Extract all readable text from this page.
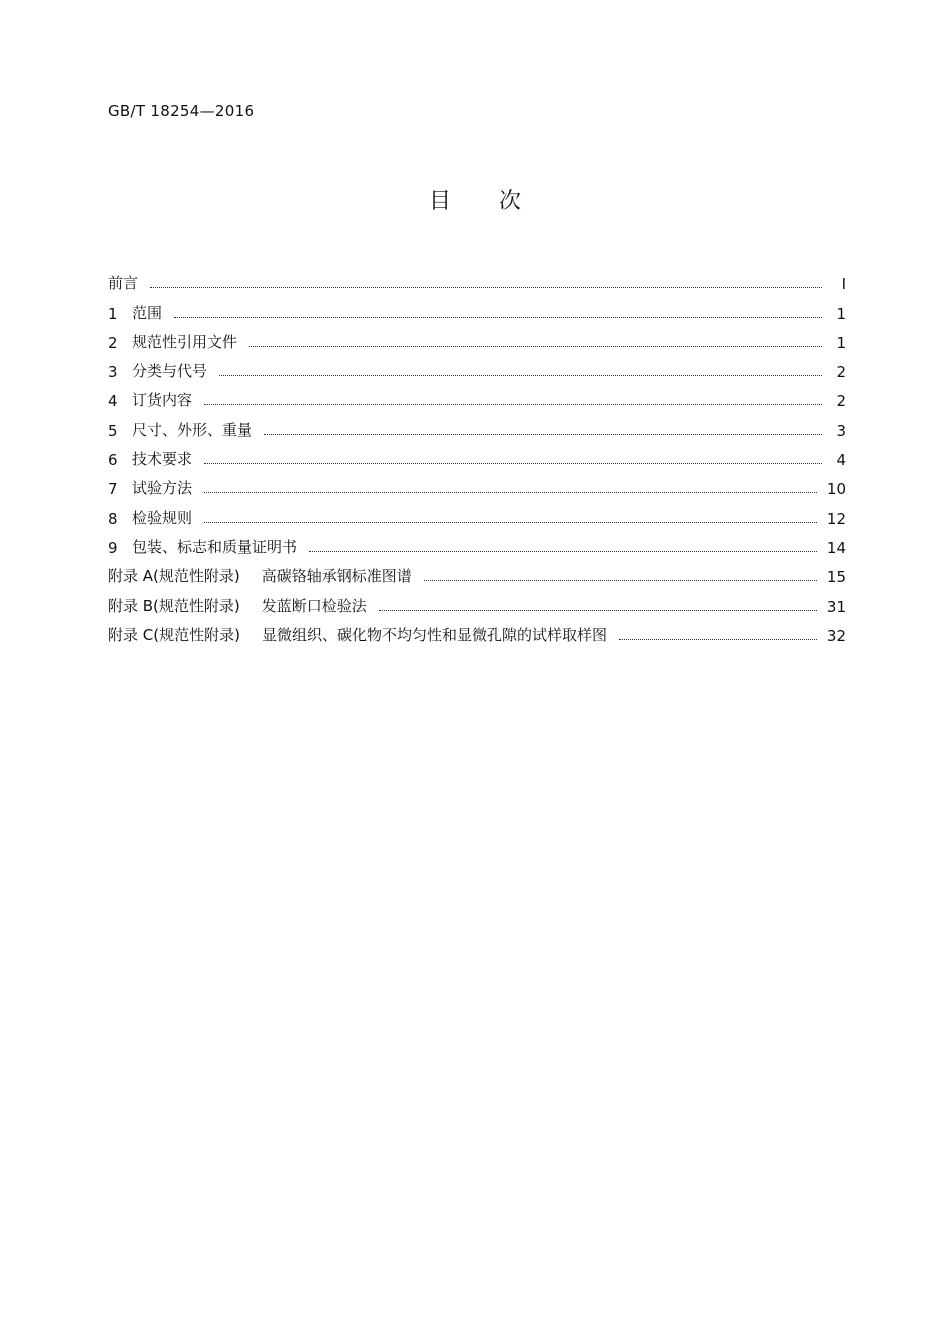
GB/T 18254—2016
目 次
前言	I
1 范围	1
2 规范性引用文件	1
3 分类与代号	2
4 订货内容	2
5 尺寸、外形、重量	3
6 技术要求	4
7 试验方法	10
8 检验规则	12
9 包装、标志和质量证明书	14
附录 A(规范性附录) 高碳铬轴承钢标准图谱	15
附录 B(规范性附录) 发蓝断口检验法	31
附录 C(规范性附录) 显微组织、碳化物不均匀性和显微孔隙的试样取样图	32
